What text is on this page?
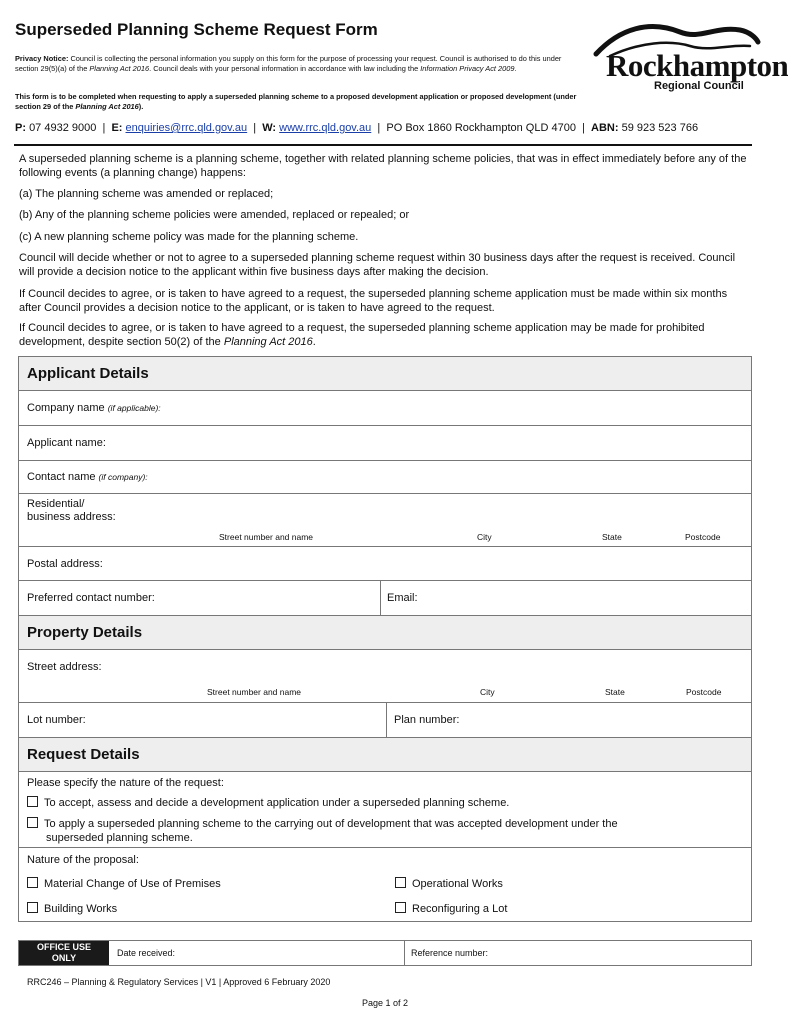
Superseded Planning Scheme Request Form
Privacy Notice: Council is collecting the personal information you supply on this form for the purpose of processing your request. Council is authorised to do this under section 29(5)(a) of the Planning Act 2016. Council deals with your personal information in accordance with law including the Information Privacy Act 2009.
This form is to be completed when requesting to apply a superseded planning scheme to a proposed development application or proposed development (under section 29 of the Planning Act 2016).
Rockhampton
Regional Council
P: 07 4932 9000  |  E: enquiries@rrc.qld.gov.au  |  W: www.rrc.qld.gov.au  |  PO Box 1860 Rockhampton QLD 4700  |  ABN: 59 923 523 766
A superseded planning scheme is a planning scheme, together with related planning scheme policies, that was in effect immediately before any of the following events (a planning change) happens:
(a) The planning scheme was amended or replaced;
(b) Any of the planning scheme policies were amended, replaced or repealed; or
(c) A new planning scheme policy was made for the planning scheme.
Council will decide whether or not to agree to a superseded planning scheme request within 30 business days after the request is received. Council will provide a decision notice to the applicant within five business days after making the decision.
If Council decides to agree, or is taken to have agreed to a request, the superseded planning scheme application must be made within six months after Council provides a decision notice to the applicant, or is taken to have agreed to the request.
If Council decides to agree, or is taken to have agreed to a request, the superseded planning scheme application may be made for prohibited development, despite section 50(2) of the Planning Act 2016.
Applicant Details
Company name (if applicable):
Applicant name:
Contact name (if company):
Residential/
business address:
Street number and name	City	State	Postcode
Postal address:
Preferred contact number:	Email:
Property Details
Street address:
Street number and name	City	State	Postcode
Lot number:	Plan number:
Request Details
Please specify the nature of the request:
To accept, assess and decide a development application under a superseded planning scheme.
To apply a superseded planning scheme to the carrying out of development that was accepted development under the
superseded planning scheme.
Nature of the proposal:
Material Change of Use of Premises	Operational Works
Building Works	Reconfiguring a Lot
OFFICE USE
ONLY	Date received:	Reference number:
RRC246 – Planning & Regulatory Services | V1 | Approved 6 February 2020
Page 1 of 2
